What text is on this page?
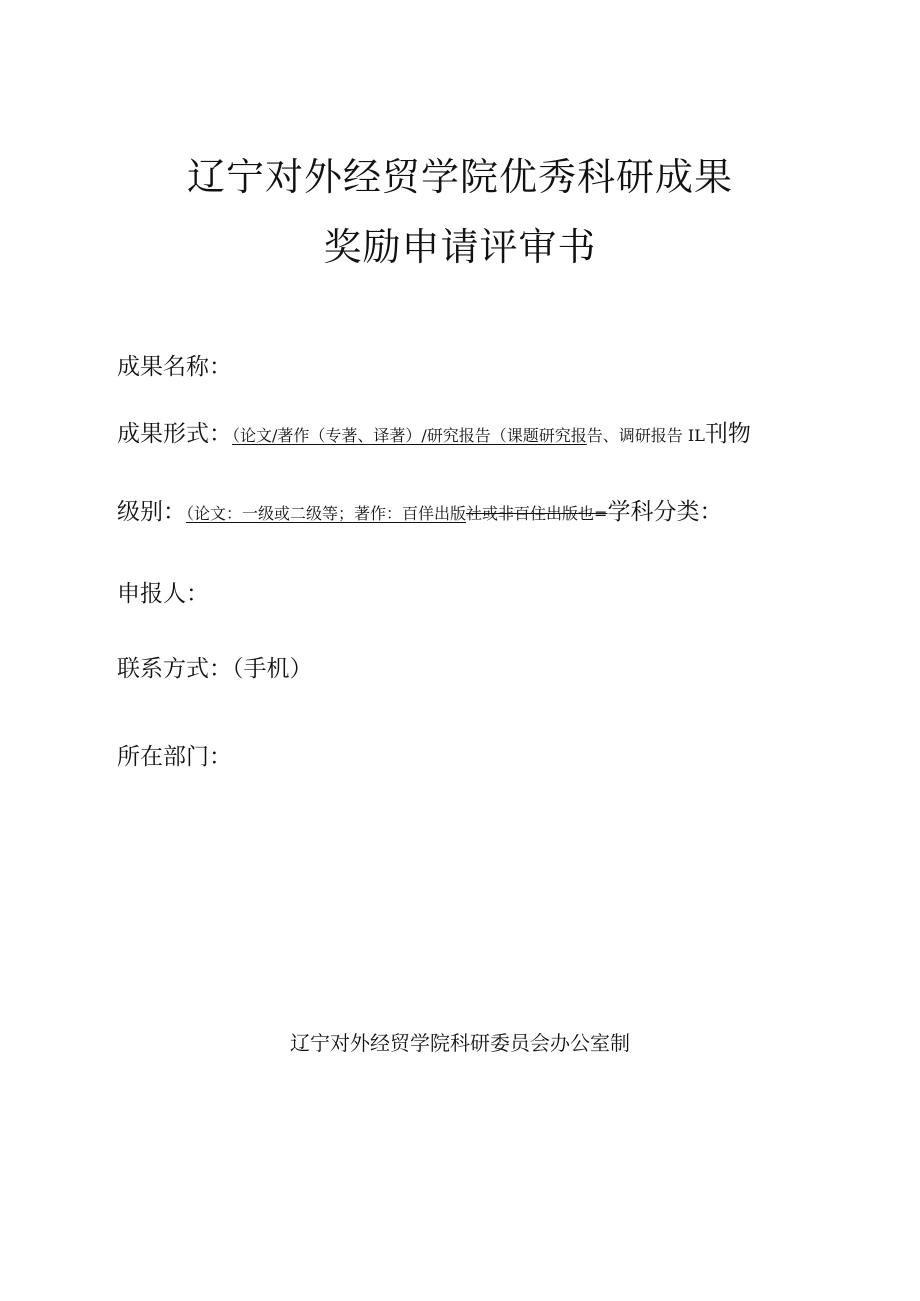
辽宁对外经贸学院优秀科研成果
奖励申请评审书
成果名称：
成果形式：（论文/著作（专著、译著）/研究报告（课题研究报告、调研报告 IL刊物
级别：（论文：一级或二级等；著作：百佯出版社或非百住出版也=学科分类：
申报人：
联系方式：（手机）
所在部门：
辽宁对外经贸学院科研委员会办公室制
